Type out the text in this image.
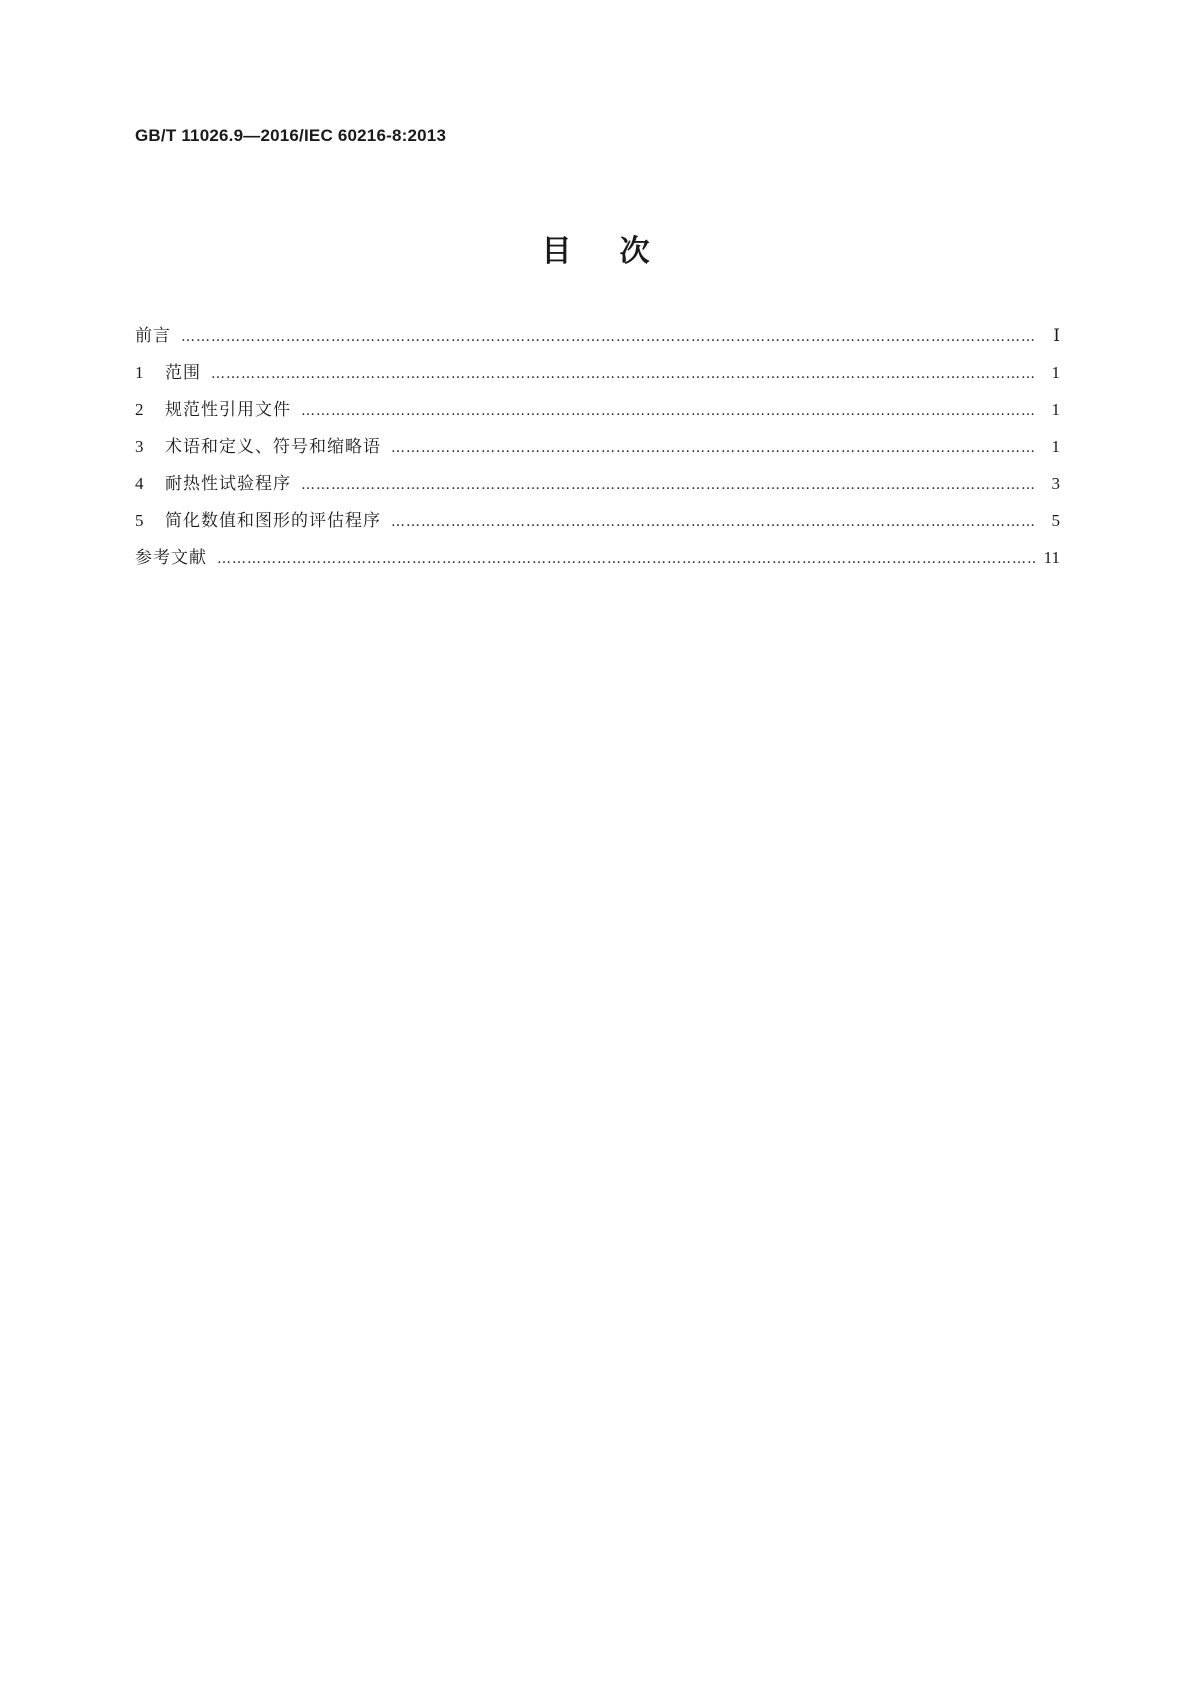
GB/T 11026.9—2016/IEC 60216-8:2013
目次
前言 …………………………………………………………………………………………………………………………………………………………………………………………………………	Ⅰ
1	范围 …………………………………………………………………………………………………………………………………………………………………………………………………………	1
2	规范性引用文件 …………………………………………………………………………………………………………………………………………………………………………………………………………	1
3	术语和定义、符号和缩略语 …………………………………………………………………………………………………………………………………………………………………………………………………………	1
4	耐热性试验程序 …………………………………………………………………………………………………………………………………………………………………………………………………………	3
5	简化数值和图形的评估程序 …………………………………………………………………………………………………………………………………………………………………………………………………………	5
参考文献 …………………………………………………………………………………………………………………………………………………………………………………………………………	11
